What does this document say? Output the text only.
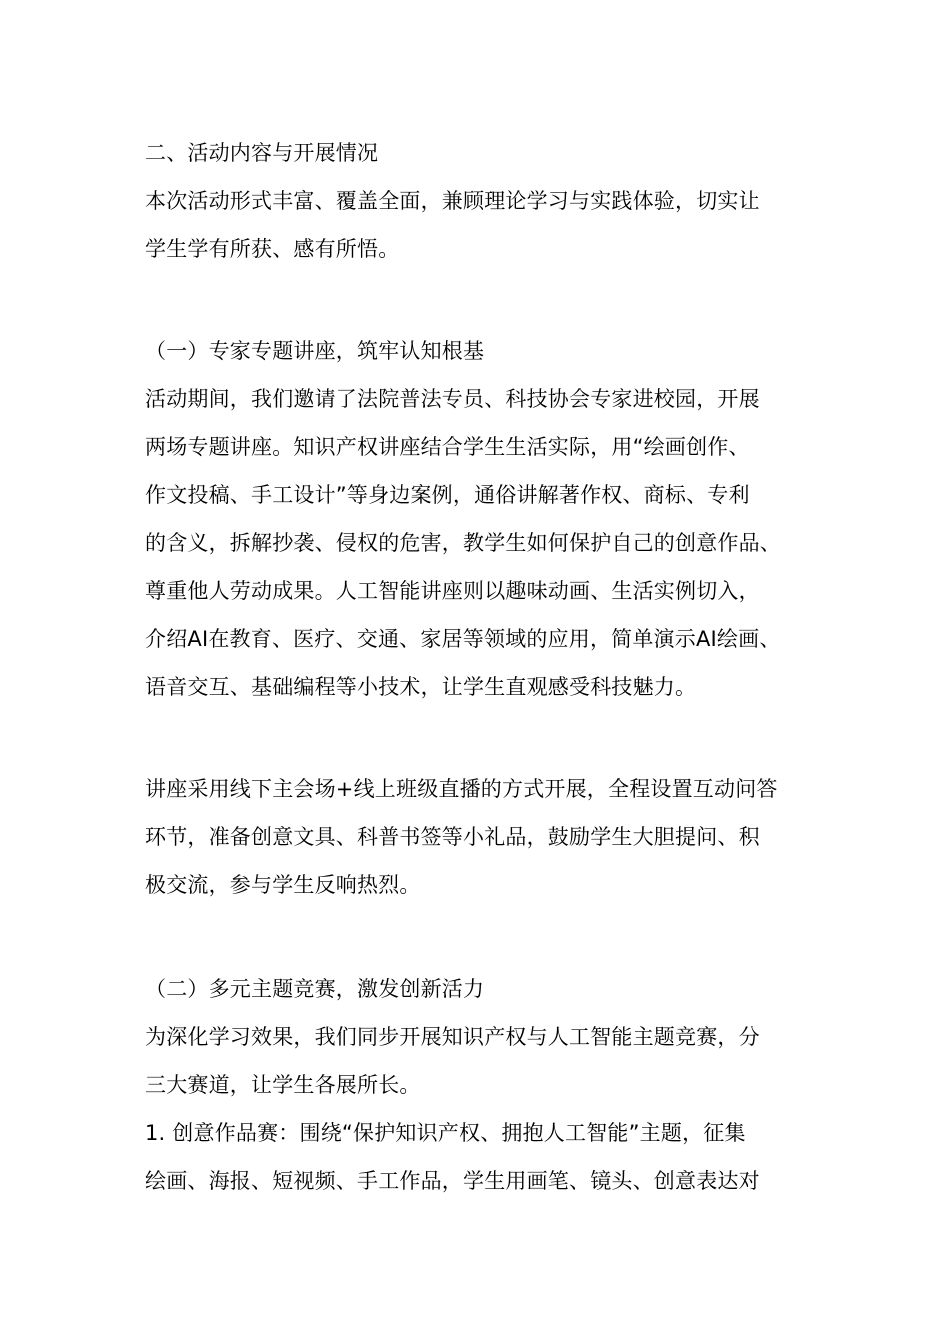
二、活动内容与开展情况
本次活动形式丰富、覆盖全面，兼顾理论学习与实践体验，切实让
学生学有所获、感有所悟。
（一）专家专题讲座，筑牢认知根基
活动期间，我们邀请了法院普法专员、科技协会专家进校园，开展
两场专题讲座。知识产权讲座结合学生生活实际，用“绘画创作、
作文投稿、手工设计”等身边案例，通俗讲解著作权、商标、专利
的含义，拆解抄袭、侵权的危害，教学生如何保护自己的创意作品、
尊重他人劳动成果。人工智能讲座则以趣味动画、生活实例切入，
介绍AI在教育、医疗、交通、家居等领域的应用，简单演示AI绘画、
语音交互、基础编程等小技术，让学生直观感受科技魅力。
讲座采用线下主会场+线上班级直播的方式开展，全程设置互动问答
环节，准备创意文具、科普书签等小礼品，鼓励学生大胆提问、积
极交流，参与学生反响热烈。
（二）多元主题竞赛，激发创新活力
为深化学习效果，我们同步开展知识产权与人工智能主题竞赛，分
三大赛道，让学生各展所长。
1. 创意作品赛：围绕“保护知识产权、拥抱人工智能”主题，征集
绘画、海报、短视频、手工作品，学生用画笔、镜头、创意表达对
